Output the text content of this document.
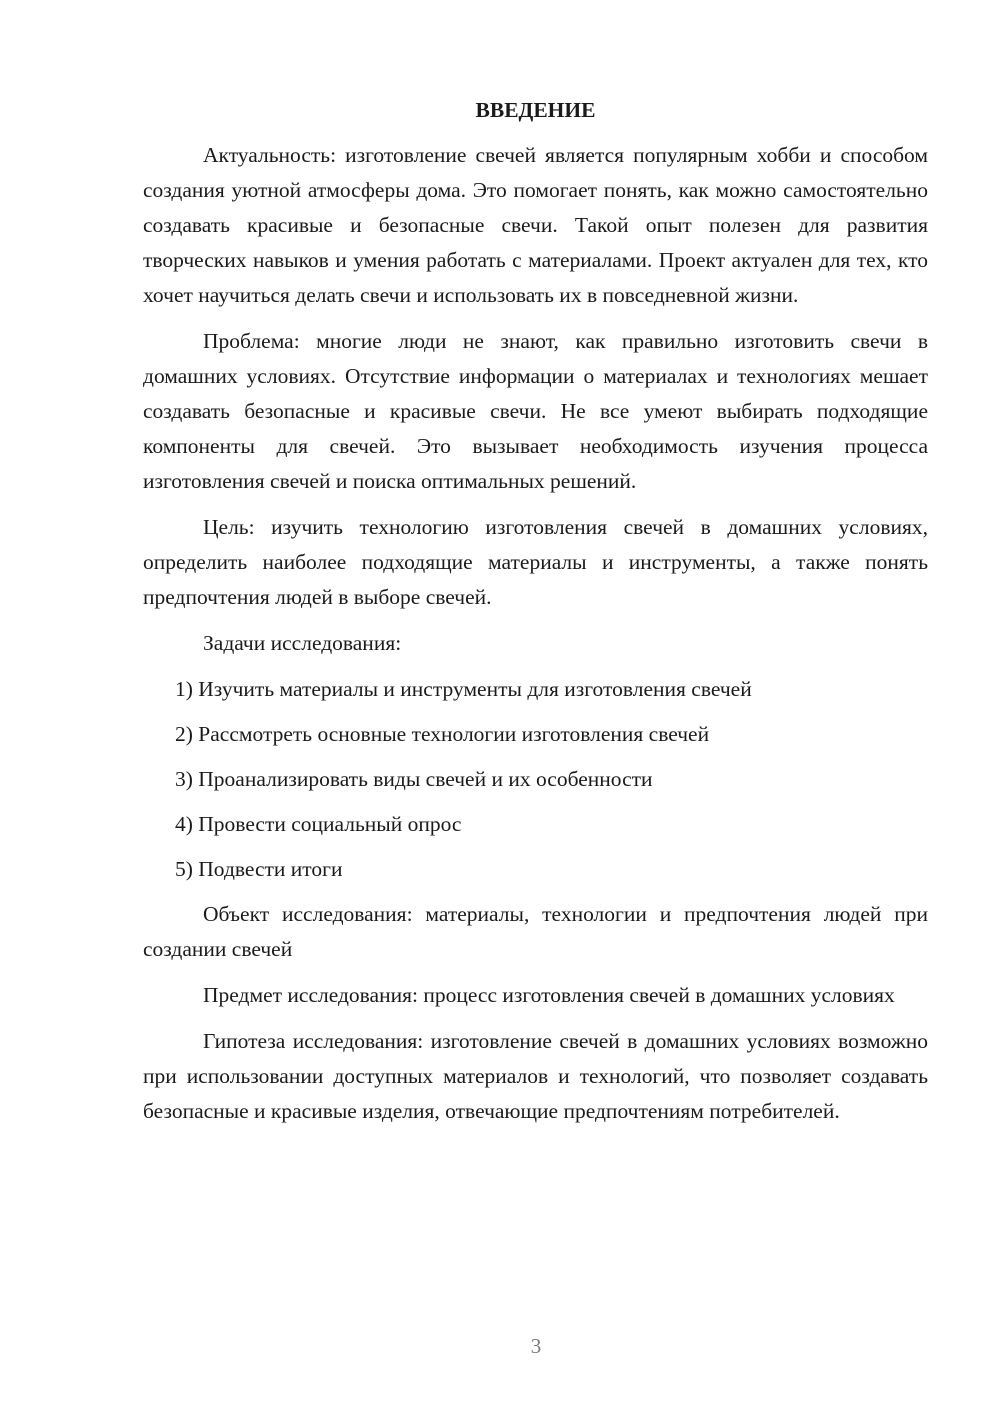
ВВЕДЕНИЕ

Актуальность: изготовление свечей является популярным хобби и способом создания уютной атмосферы дома. Это помогает понять, как можно самостоятельно создавать красивые и безопасные свечи. Такой опыт полезен для развития творческих навыков и умения работать с материалами. Проект актуален для тех, кто хочет научиться делать свечи и использовать их в повседневной жизни.

Проблема: многие люди не знают, как правильно изготовить свечи в домашних условиях. Отсутствие информации о материалах и технологиях мешает создавать безопасные и красивые свечи. Не все умеют выбирать подходящие компоненты для свечей. Это вызывает необходимость изучения процесса изготовления свечей и поиска оптимальных решений.

Цель: изучить технологию изготовления свечей в домашних условиях, определить наиболее подходящие материалы и инструменты, а также понять предпочтения людей в выборе свечей.

Задачи исследования:

1) Изучить материалы и инструменты для изготовления свечей
2) Рассмотреть основные технологии изготовления свечей
3) Проанализировать виды свечей и их особенности
4) Провести социальный опрос
5) Подвести итоги

Объект исследования: материалы, технологии и предпочтения людей при создании свечей

Предмет исследования: процесс изготовления свечей в домашних условиях

Гипотеза исследования: изготовление свечей в домашних условиях возможно при использовании доступных материалов и технологий, что позволяет создавать безопасные и красивые изделия, отвечающие предпочтениям потребителей.

3
